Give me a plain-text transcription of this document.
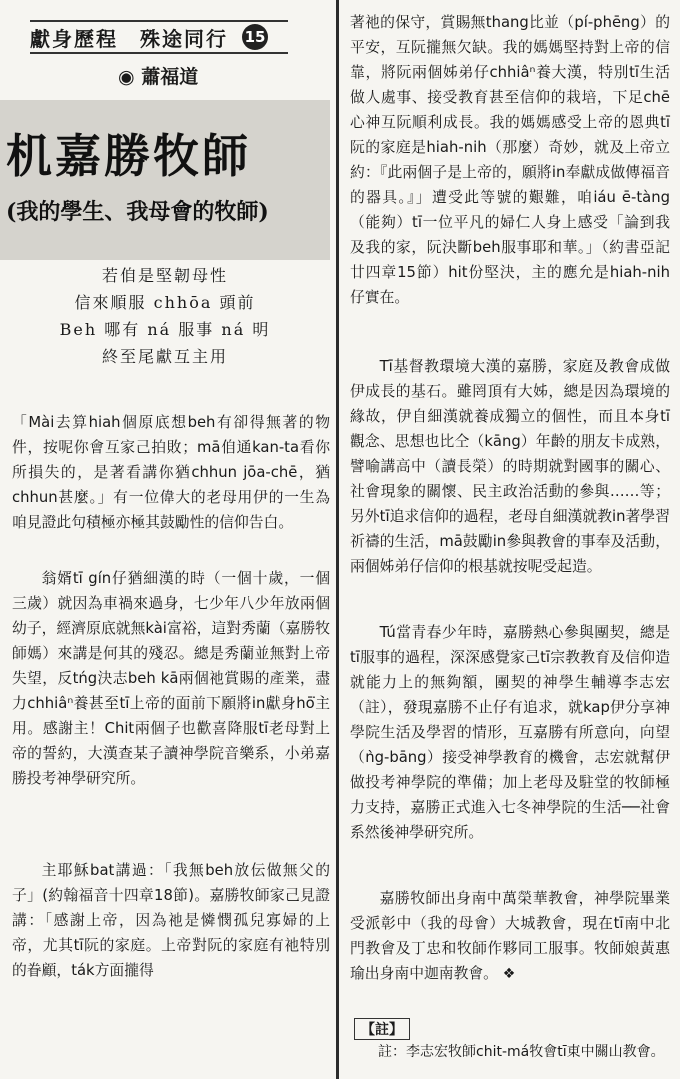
獻身歷程　殊途同行 15
◉ 蕭福道
机嘉勝牧師
(我的學生、我母會的牧師)
若㑑是堅韌母性
信來順服 chhōa 頭前
Beh 哪有 ná 服事 ná 明
終至尾獻互主用
「Mài去算hiah個原底想beh有卻得無著的物件，按呢你會互家己拍敗；mā㑑通kan-ta看你所損失的，是著看講你猶chhun jōa-chē，猶chhun甚麼。」有一位偉大的老母用伊的一生為咱見證此句積極亦極其鼓勵性的信仰告白。
翁婿tī gín仔猶細漢的時（一個十歲，一個三歲）就因為車禍來過身，七少年八少年放兩個幼子，經濟原底就無kài富裕，這對秀蘭（嘉勝牧師媽）來講是何其的殘忍。總是秀蘭並無對上帝失望，反tńg決志beh kā兩個祂賞賜的產業，盡力chhiâⁿ養甚至tī上帝的面前下願將in獻身hō͘主用。感謝主！Chit兩個子也歡喜降服tī老母對上帝的誓約，大漢查某子讀神學院音樂系，小弟嘉勝投考神學研究所。
主耶穌bat講過：「我無beh放伝做無父的子」(約翰福音十四章18節)。嘉勝牧師家己見證講：「感謝上帝，因為祂是憐憫孤兒寡婦的上帝，尤其tī阮的家庭。上帝對阮的家庭有祂特別的眷顧，ták方面攏得
著祂的保守，賞賜無thang比並（pí-phēng）的平安，互阮攏無欠缺。我的媽媽堅持對上帝的信靠，將阮兩個姊弟仔chhiâⁿ養大漢，特別tī生活做人處事、接受教育甚至信仰的栽培，下足chē心神互阮順利成長。我的媽媽感受上帝的恩典tī阮的家庭是hiah-nih（那麼）奇妙，就及上帝立約：『此兩個子是上帝的，願將in奉獻成做傳福音的器具。』」遭受此等號的艱難，咱iáu ē-tàng（能夠）tī一位平凡的婦仁人身上感受「論到我及我的家，阮決斷beh服事耶和華。」（約書亞記廿四章15節）hit份堅決，主的應允是hiah-nih仔實在。
Tī基督教環境大漢的嘉勝，家庭及教會成做伊成長的基石。雖罔頂有大姊，總是因為環境的緣故，伊自細漢就養成獨立的個性，而且本身tī觀念、思想也比仝（kāng）年齡的朋友卡成熟，譬喻講高中（讀長榮）的時期就對國事的關心、社會現象的關懷、民主政治活動的參與……等；另外tī追求信仰的過程，老母自細漢就教in著學習祈禱的生活，mā鼓勵in參與教會的事奉及活動，兩個姊弟仔信仰的根基就按呢受起造。
Tú當青春少年時，嘉勝熱心參與團契，總是tī服事的過程，深深感覺家己tī宗教教育及信仰造就能力上的無夠額，團契的神學生輔導李志宏（註），發現嘉勝不止仔有追求，就kap伊分享神學院生活及學習的情形，互嘉勝有所意向，向望（ǹg-bāng）接受神學教育的機會，志宏就幫伊做投考神學院的準備；加上老母及駐堂的牧師極力支持，嘉勝正式進入七冬神學院的生活──社會系然後神學研究所。
嘉勝牧師出身南中萬榮華教會，神學院畢業受派彰中（我的母會）大城教會，現在tī南中北門教會及丁忠和牧師作夥同工服事。牧師娘黃惠瑜出身南中迦南教會。 ❖
【註】
註：李志宏牧師chit-má牧會tī東中關山教會。
